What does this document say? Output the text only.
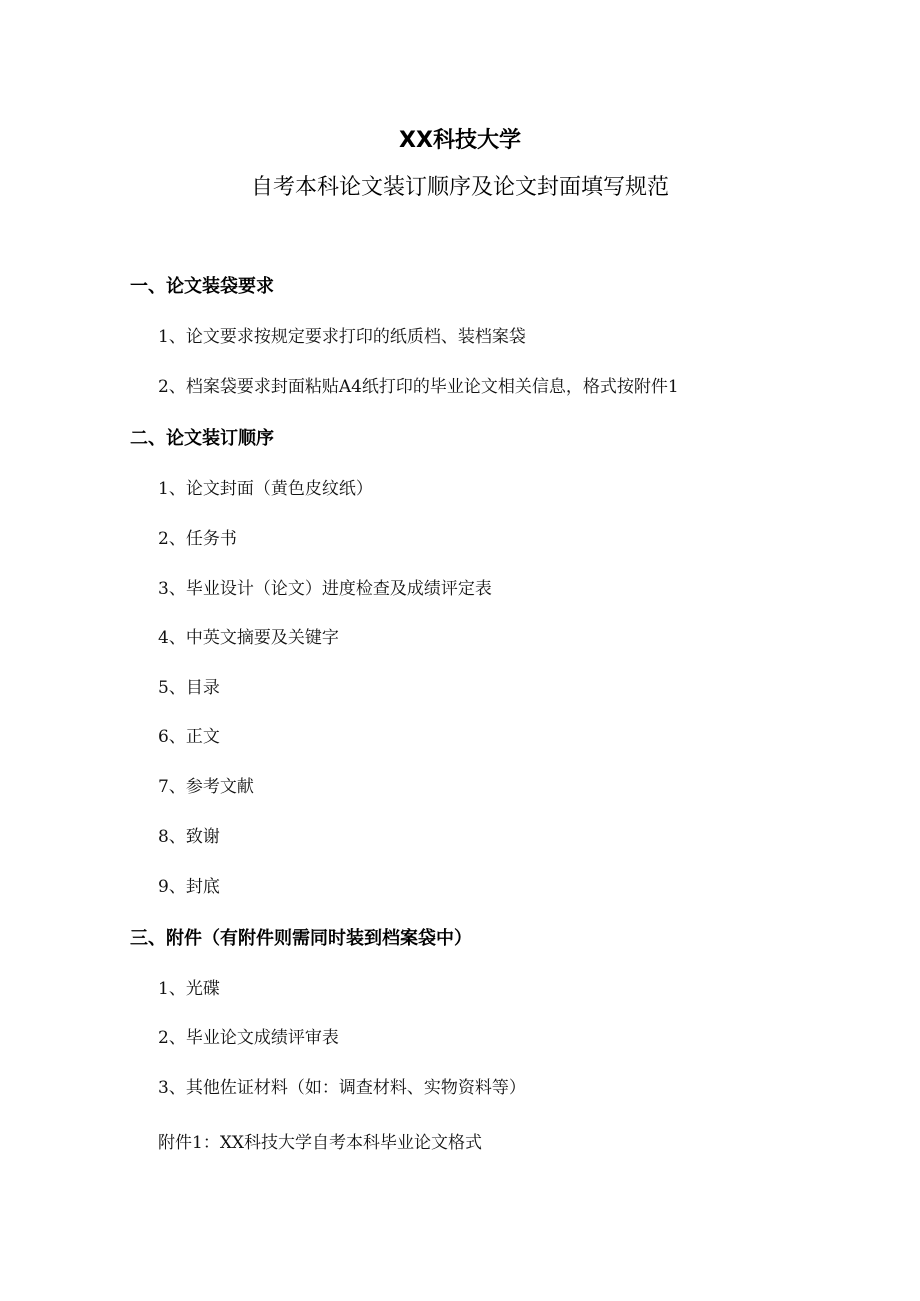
XX科技大学
自考本科论文装订顺序及论文封面填写规范
一、论文装袋要求
1、论文要求按规定要求打印的纸质档、装档案袋
2、档案袋要求封面粘贴A4纸打印的毕业论文相关信息，格式按附件1
二、论文装订顺序
1、论文封面（黄色皮纹纸）
2、任务书
3、毕业设计（论文）进度检查及成绩评定表
4、中英文摘要及关键字
5、目录
6、正文
7、参考文献
8、致谢
9、封底
三、附件（有附件则需同时装到档案袋中）
1、光碟
2、毕业论文成绩评审表
3、其他佐证材料（如：调查材料、实物资料等）
附件1：XX科技大学自考本科毕业论文格式
